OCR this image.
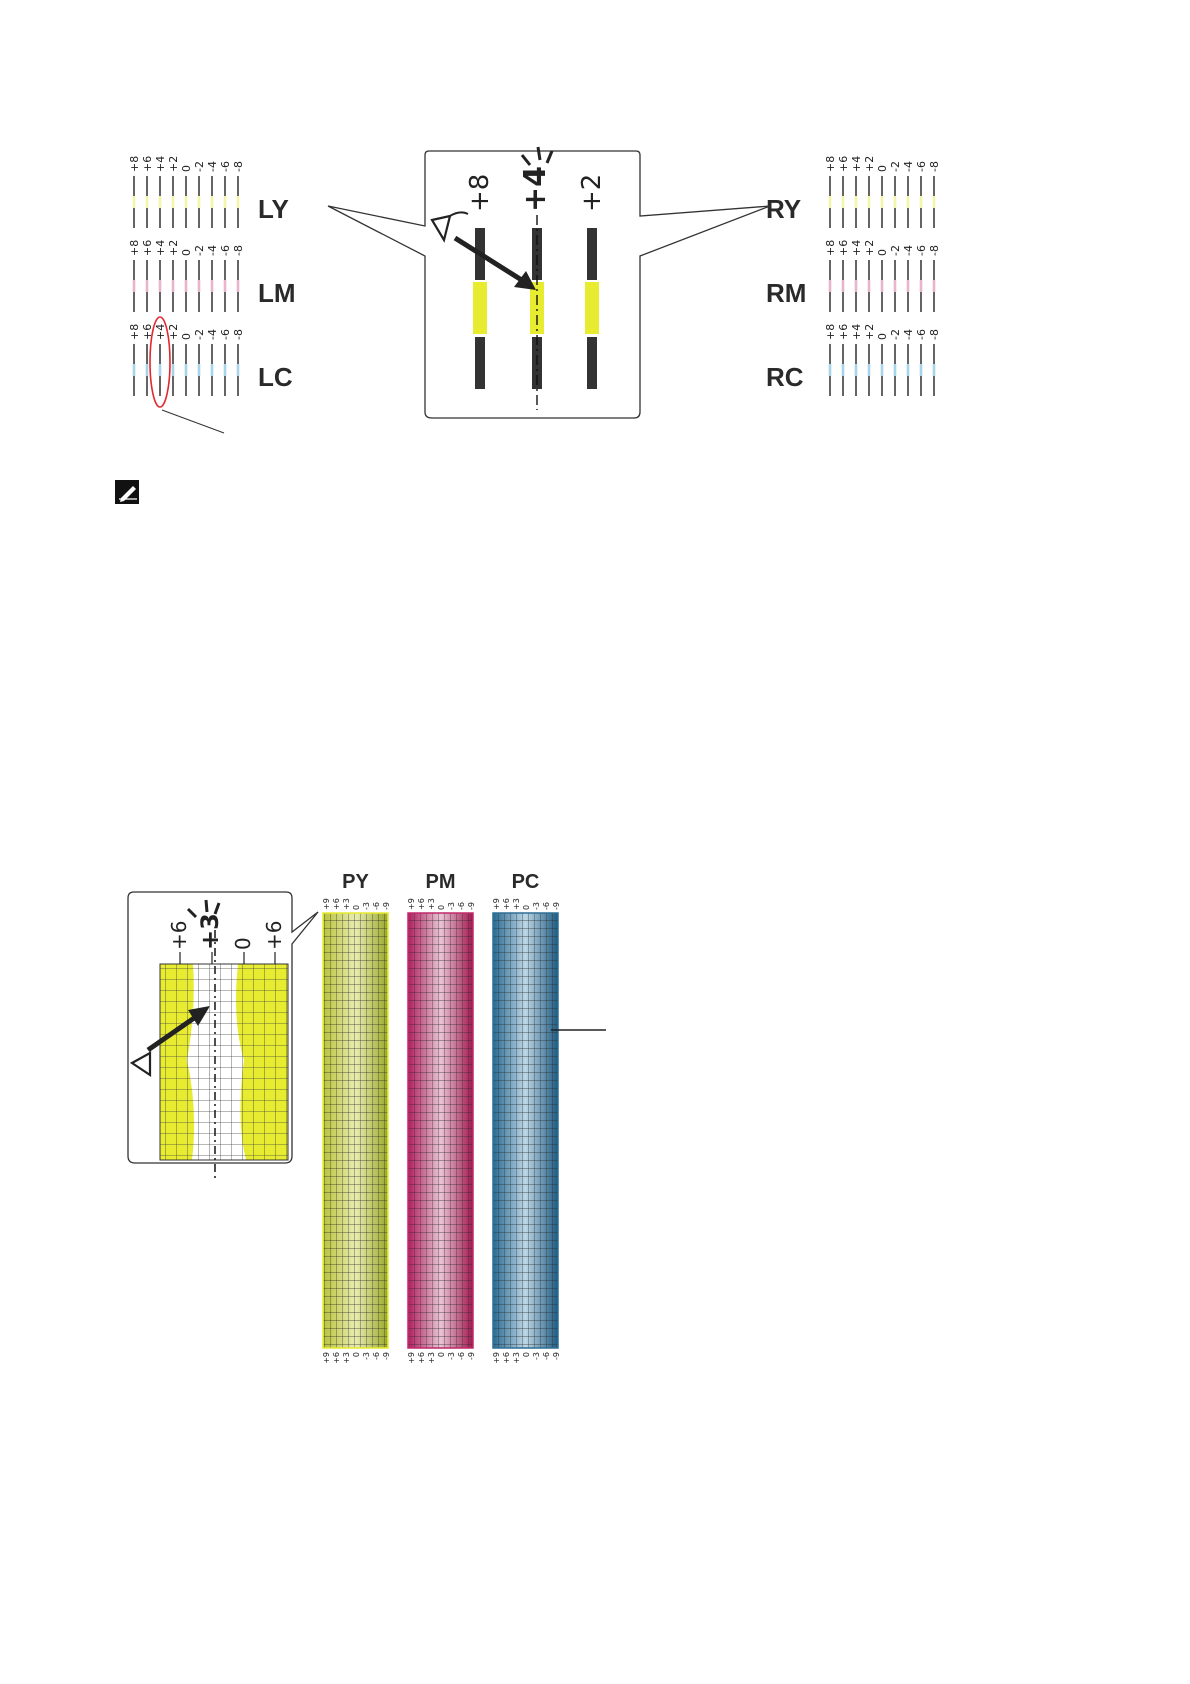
+8 +6 +4 +2 0 -2 -4 -6 -8
LY
+8 +6 +4 +2 0 -2 -4 -6 -8
LM
+8 +6 +4 +2 0 -2 -4 -6 -8
LC
+8 +6 +4 +2 0 -2 -4 -6 -8
RY
+8 +6 +4 +2 0 -2 -4 -6 -8
RM
+8 +6 +4 +2 0 -2 -4 -6 -8
RC
+8 +4 +2
PY
+9
+9
+6
+6
+3
+3
0
0
-3
-3
-6
-6
-9
-9
PM
+9
+9
+6
+6
+3
+3
0
0
-3
-3
-6
-6
-9
-9
PC
+9
+9
+6
+6
+3
+3
0
0
-3
-3
-6
-6
-9
-9
+6 +3 0 +6
